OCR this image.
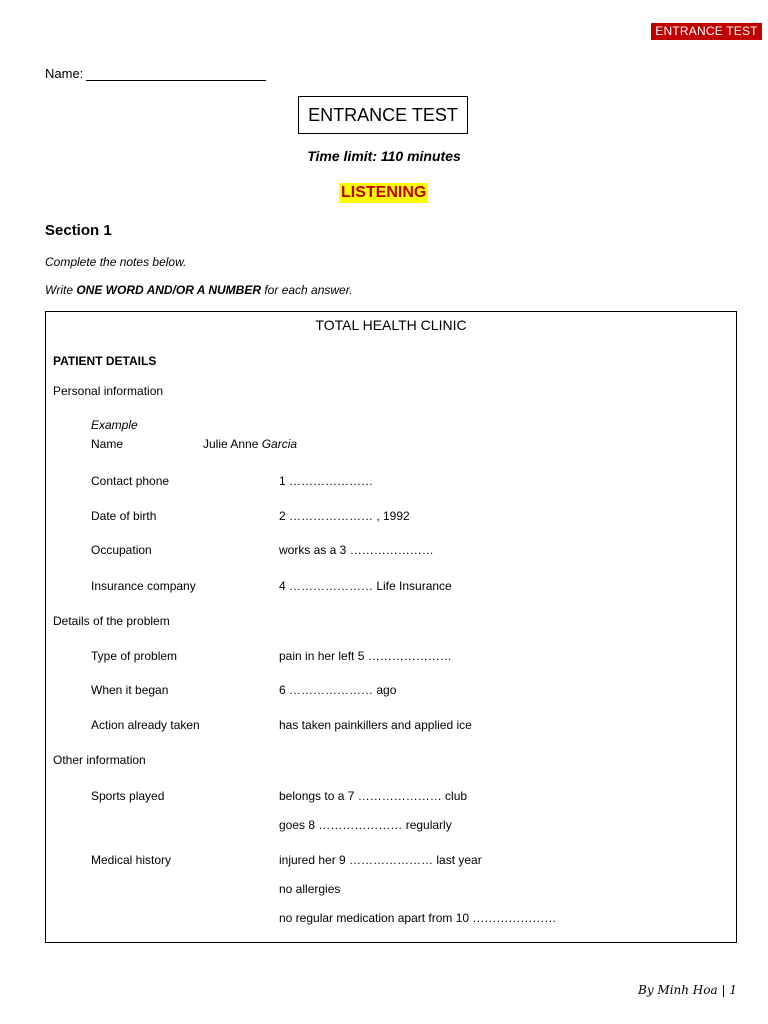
ENTRANCE TEST
Name:
ENTRANCE TEST
Time limit: 110 minutes
LISTENING
Section 1
Complete the notes below.
Write ONE WORD AND/OR A NUMBER for each answer.
TOTAL HEALTH CLINIC
PATIENT DETAILS
Personal information
Example
Name	Julie Anne Garcia
Contact phone	1 …………………
Date of birth	2 ………………… , 1992
Occupation	works as a 3 …………………
Insurance company	4 ………………… Life Insurance
Details of the problem
Type of problem	pain in her left 5 …………………
When it began	6 ………………… ago
Action already taken	has taken painkillers and applied ice
Other information
Sports played	belongs to a 7 ………………… club
goes 8 ………………… regularly
Medical history	injured her 9 ………………… last year
no allergies
no regular medication apart from 10 …………………
By Minh Hoa | 1
